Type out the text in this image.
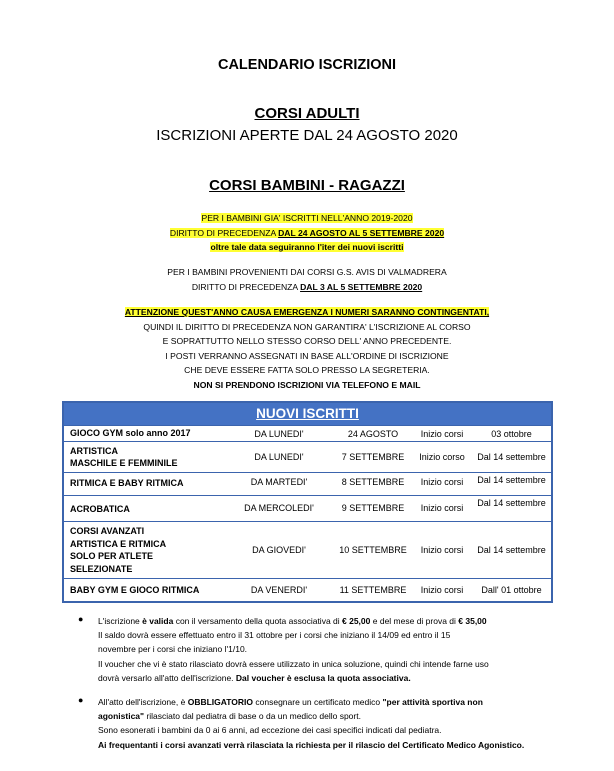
CALENDARIO ISCRIZIONI
CORSI ADULTI
ISCRIZIONI APERTE DAL 24 AGOSTO 2020
CORSI BAMBINI - RAGAZZI
PER I BAMBINI GIA' ISCRITTI NELL'ANNO 2019-2020
DIRITTO DI PRECEDENZA DAL 24 AGOSTO AL 5 SETTEMBRE 2020
oltre tale data seguiranno l'iter dei nuovi iscritti
PER I BAMBINI PROVENIENTI DAI CORSI G.S. AVIS DI VALMADRERA
DIRITTO DI PRECEDENZA DAL 3 AL 5 SETTEMBRE 2020
ATTENZIONE QUEST'ANNO CAUSA EMERGENZA I NUMERI SARANNO CONTINGENTATI,
QUINDI IL DIRITTO DI PRECEDENZA NON GARANTIRA' L'ISCRIZIONE AL CORSO
E SOPRATTUTTO NELLO STESSO CORSO DELL' ANNO PRECEDENTE.
I POSTI VERRANNO ASSEGNATI IN BASE ALL'ORDINE DI ISCRIZIONE
CHE DEVE ESSERE FATTA SOLO PRESSO LA SEGRETERIA.
NON SI PRENDONO ISCRIZIONI VIA TELEFONO E MAIL
NUOVI ISCRITTI
GIOCO GYM solo anno 2017	DA LUNEDI'	24 AGOSTO	Inizio corsi	03 ottobre
ARTISTICA
MASCHILE E FEMMINILE
DA LUNEDI'	7 SETTEMBRE	Inizio corso	Dal 14 settembre
RITMICA E BABY RITMICA	DA MARTEDI'	8 SETTEMBRE	Inizio corsi	Dal 14 settembre
ACROBATICA	DA MERCOLEDI'	9 SETTEMBRE	Inizio corsi	Dal 14 settembre
CORSI AVANZATI
ARTISTICA E RITMICA
SOLO PER ATLETE
SELEZIONATE
DA GIOVEDI'	10 SETTEMBRE	Inizio corsi	Dal 14 settembre
BABY GYM E GIOCO RITMICA	DA VENERDI'	11 SETTEMBRE	Inizio corsi	Dall' 01 ottobre
● L'iscrizione è valida con il versamento della quota associativa di € 25,00 e del mese di prova di € 35,00
Il saldo dovrà essere effettuato entro il 31 ottobre per i corsi che iniziano il 14/09 ed entro il 15
novembre per i corsi che iniziano l'1/10.
Il voucher che vi è stato rilasciato dovrà essere utilizzato in unica soluzione, quindi chi intende farne uso
dovrà versarlo all'atto dell'iscrizione. Dal voucher è esclusa la quota associativa.
● All'atto dell'iscrizione, è OBBLIGATORIO consegnare un certificato medico "per attività sportiva non
agonistica" rilasciato dal pediatra di base o da un medico dello sport.
Sono esonerati i bambini da 0 ai 6 anni, ad eccezione dei casi specifici indicati dal pediatra.
Ai frequentanti i corsi avanzati verrà rilasciata la richiesta per il rilascio del Certificato Medico Agonistico.
